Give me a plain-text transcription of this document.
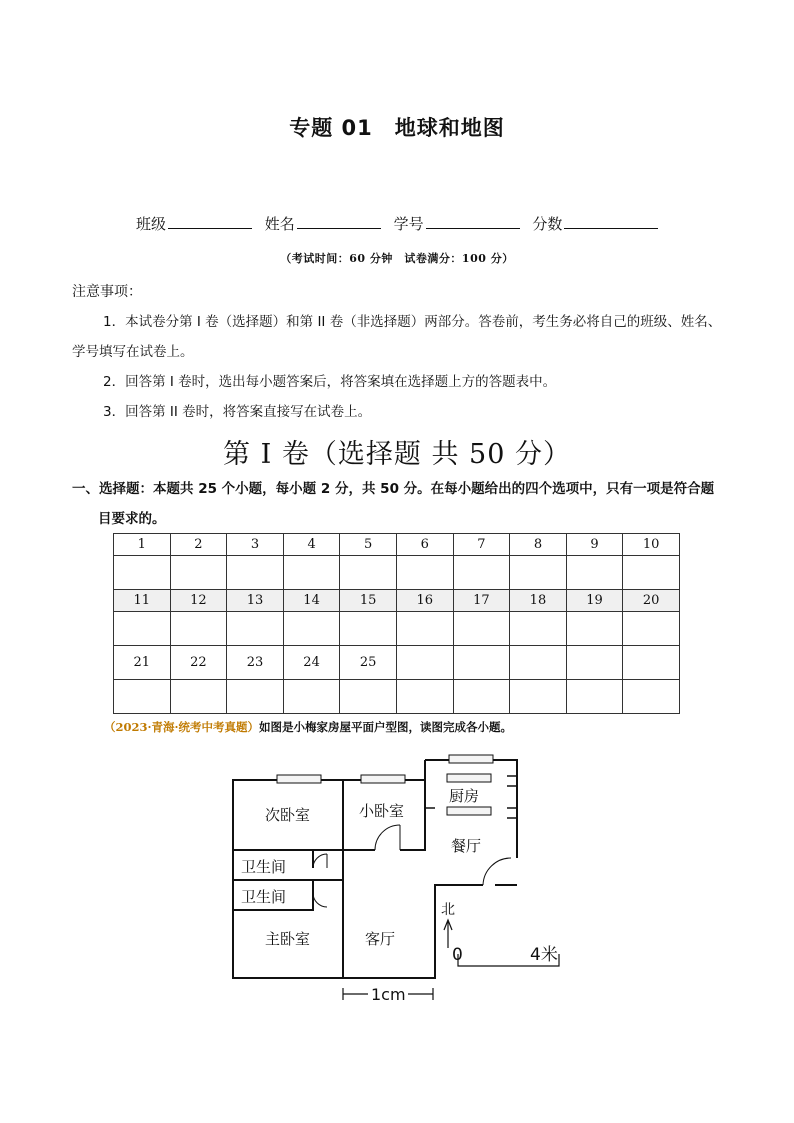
专题 01 地球和地图
班级	姓名	学号	分数
（考试时间：60 分钟　试卷满分：100 分）
注意事项：
1．本试卷分第 I 卷（选择题）和第 II 卷（非选择题）两部分。答卷前，考生务必将自己的班级、姓名、学号填写在试卷上。
2．回答第 I 卷时，选出每小题答案后，将答案填在选择题上方的答题表中。
3．回答第 II 卷时，将答案直接写在试卷上。
第 I 卷（选择题 共 50 分）
一、选择题：本题共 25 个小题，每小题 2 分，共 50 分。在每小题给出的四个选项中，只有一项是符合题
目要求的。
1	2	3	4	5	6	7	8	9	10

11	12	13	14	15	16	17	18	19	20

21	22	23	24	25					

（2023·青海·统考中考真题）如图是小梅家房屋平面户型图，读图完成各小题。
次卧室	小卧室
厨房
餐厅
卫生间
卫生间
主卧室	客厅
北
0	4米
1cm
